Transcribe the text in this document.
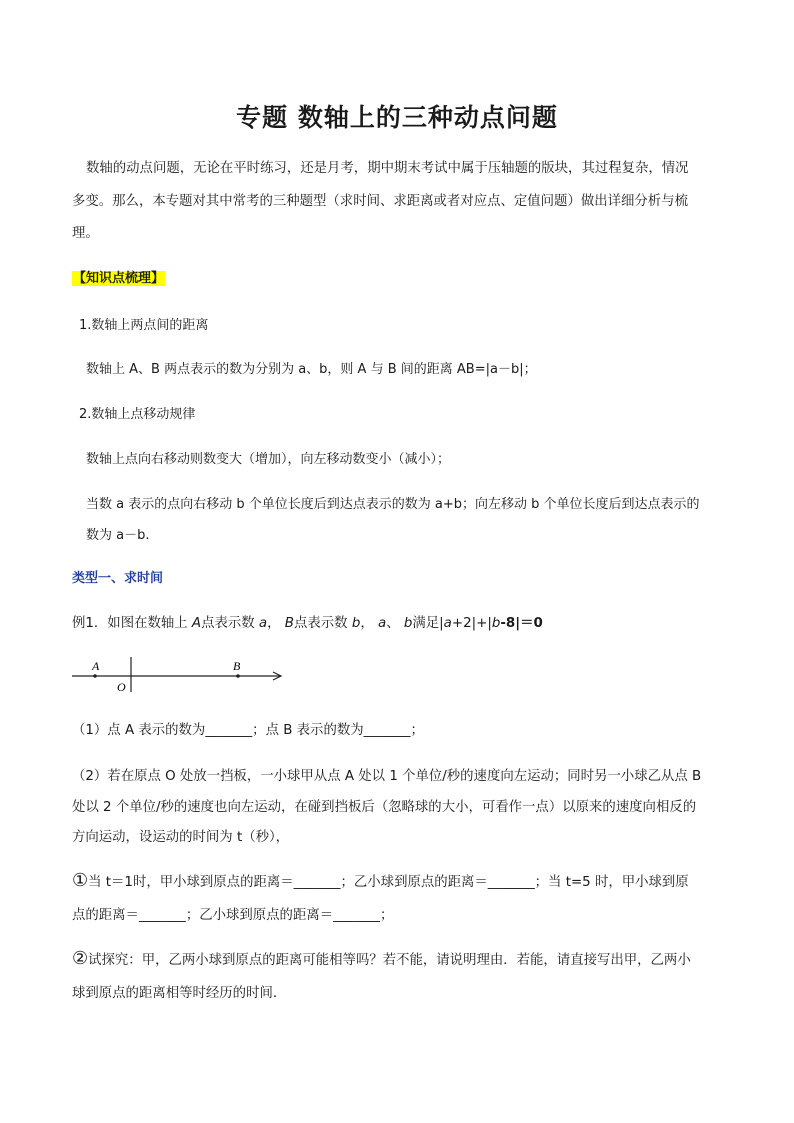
专题 数轴上的三种动点问题
数轴的动点问题，无论在平时练习，还是月考，期中期末考试中属于压轴题的版块，其过程复杂，情况
多变。那么，本专题对其中常考的三种题型（求时间、求距离或者对应点、定值问题）做出详细分析与梳
理。
【知识点梳理】
1.数轴上两点间的距离
数轴上 A、B 两点表示的数为分别为 a、b，则 A 与 B 间的距离 AB=|a－b|；
2.数轴上点移动规律
数轴上点向右移动则数变大（增加），向左移动数变小（减小）；
当数 a 表示的点向右移动 b 个单位长度后到达点表示的数为 a+b；向左移动 b 个单位长度后到达点表示的
数为 a－b.
类型一、求时间
例1．如图在数轴上 A点表示数 a， B点表示数 b， a、 b满足|a+2|+|b-8|＝0
A
O
B
（1）点 A 表示的数为_______；点 B 表示的数为_______；
（2）若在原点 O 处放一挡板，一小球甲从点 A 处以 1 个单位/秒的速度向左运动；同时另一小球乙从点 B
处以 2 个单位/秒的速度也向左运动，在碰到挡板后（忽略球的大小，可看作一点）以原来的速度向相反的
方向运动，设运动的时间为 t（秒），
①当 t＝1时，甲小球到原点的距离＝_______；乙小球到原点的距离＝_______；当 t=5 时，甲小球到原
点的距离＝_______；乙小球到原点的距离＝_______；
②试探究：甲，乙两小球到原点的距离可能相等吗？若不能，请说明理由．若能，请直接写出甲，乙两小
球到原点的距离相等时经历的时间．
